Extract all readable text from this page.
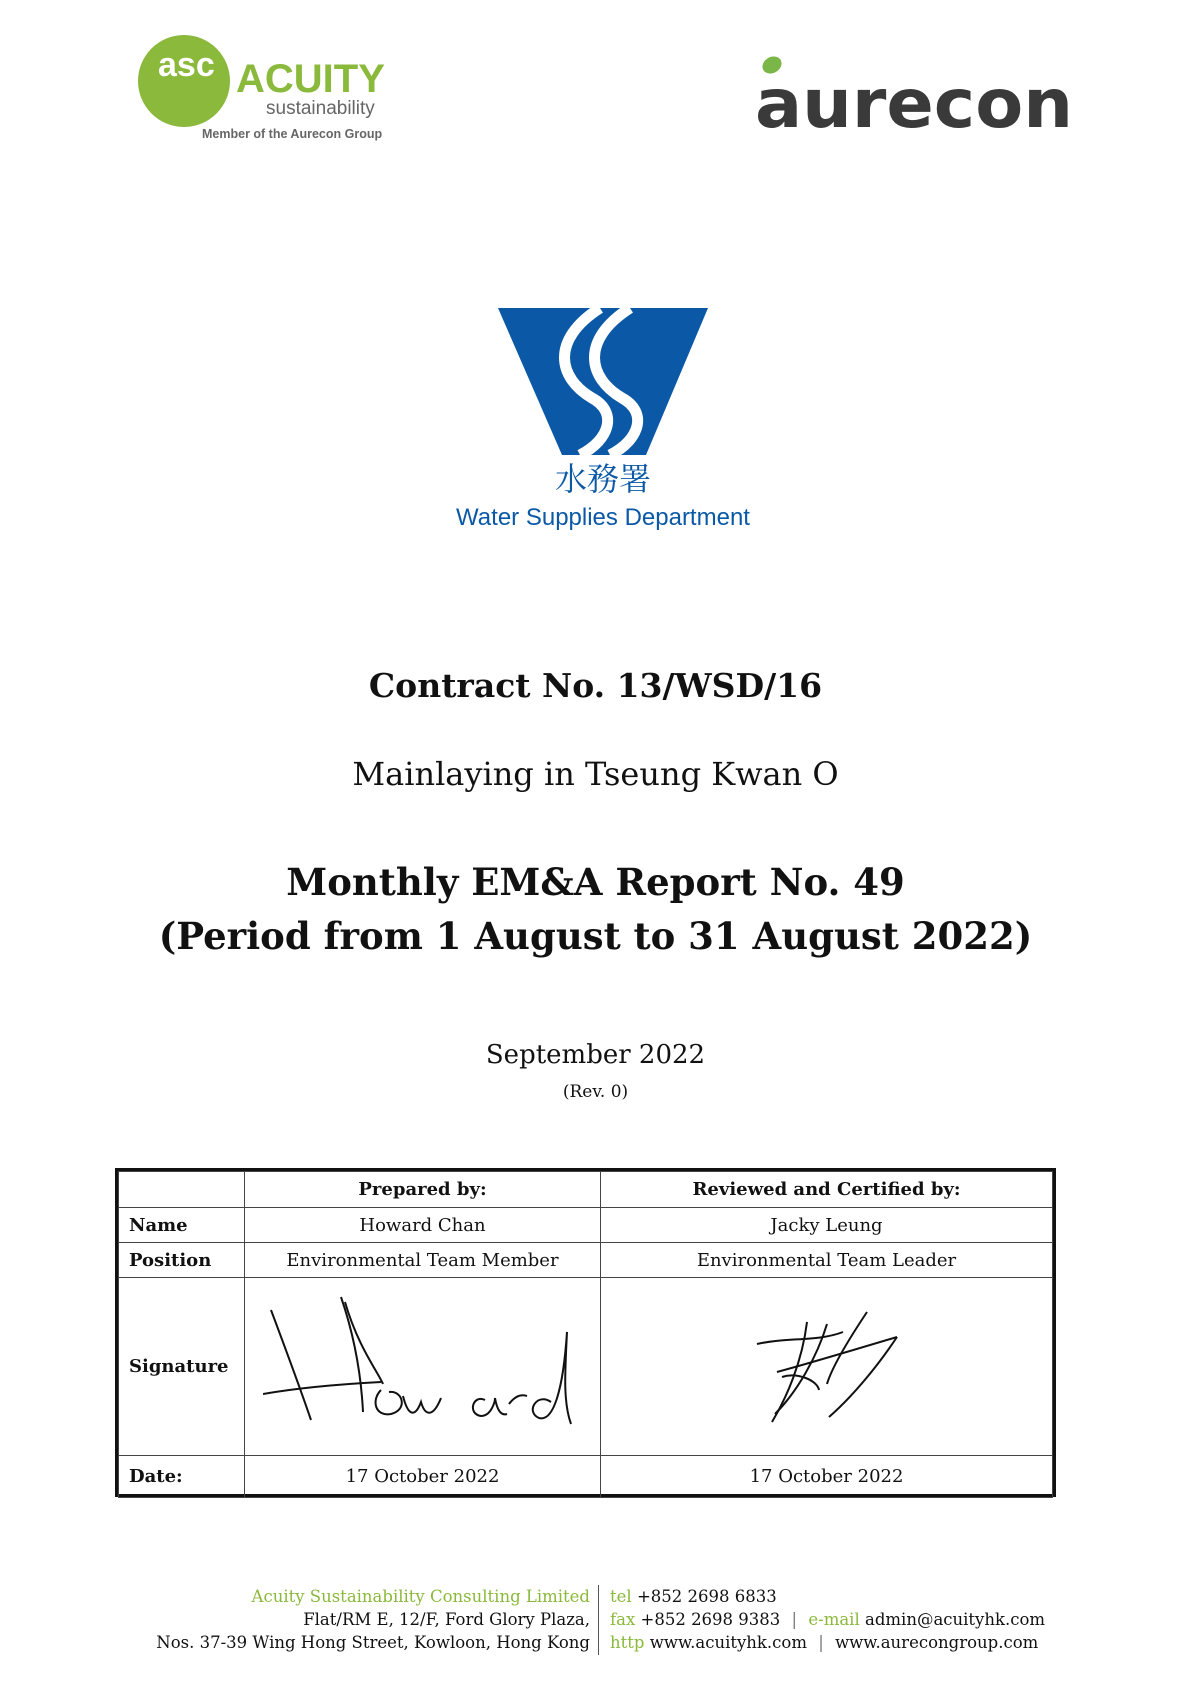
asc ACUITY
sustainability
Member of the Aurecon Group	aurecon
水務署
Water Supplies Department
Contract No. 13/WSD/16
Mainlaying in Tseung Kwan O
Monthly EM&A Report No. 49
(Period from 1 August to 31 August 2022)
September 2022
(Rev. 0)
	Prepared by:	Reviewed and Certified by:
Name	Howard Chan	Jacky Leung
Position	Environmental Team Member	Environmental Team Leader
Signature	

Date:	17 October 2022	17 October 2022
Acuity Sustainability Consulting Limited
Flat/RM E, 12/F, Ford Glory Plaza,
Nos. 37-39 Wing Hong Street, Kowloon, Hong Kong
tel +852 2698 6833
fax +852 2698 9383 | e-mail admin@acuityhk.com
http www.acuityhk.com | www.aurecongroup.com
